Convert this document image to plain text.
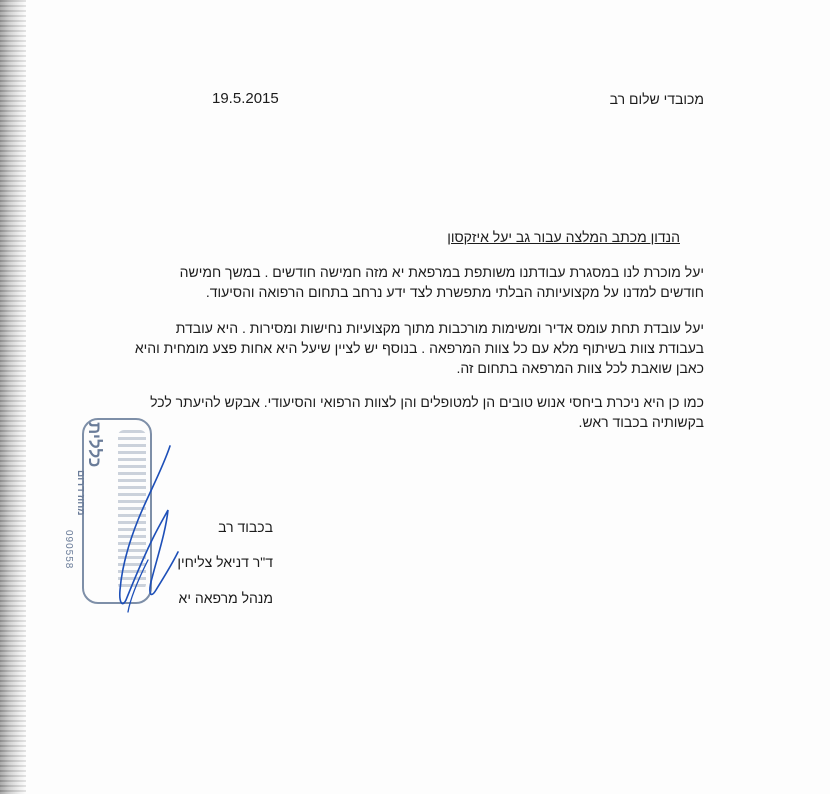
19.5.2015	מכובדי שלום רב
הנדון מכתב המלצה עבור גב יעל איזקסון
יעל מוכרת לנו במסגרת עבודתנו משותפת במרפאת יא מזה חמישה חודשים . במשך חמישה
חודשים למדנו על מקצועיותה הבלתי מתפשרת לצד ידע נרחב בתחום הרפואה והסיעוד.
יעל עובדת תחת עומס אדיר ומשימות מורכבות מתוך מקצועיות נחישות ומסירות . היא עובדת
בעבודת צוות בשיתוף מלא עם כל צוות המרפאה . בנוסף יש לציין שיעל היא אחות פצע מומחית והיא
כאבן שואבת לכל צוות המרפאה בתחום זה.
כמו כן היא ניכרת ביחסי אנוש טובים הן למטופלים והן לצוות הרפואי והסיעודי. אבקש להיעתר לכל
בקשותיה בכבוד ראש.
בכבוד רב
ד"ר דניאל צליחין
מנהל מרפאה יא
כללית
מחוז דרום
090558
